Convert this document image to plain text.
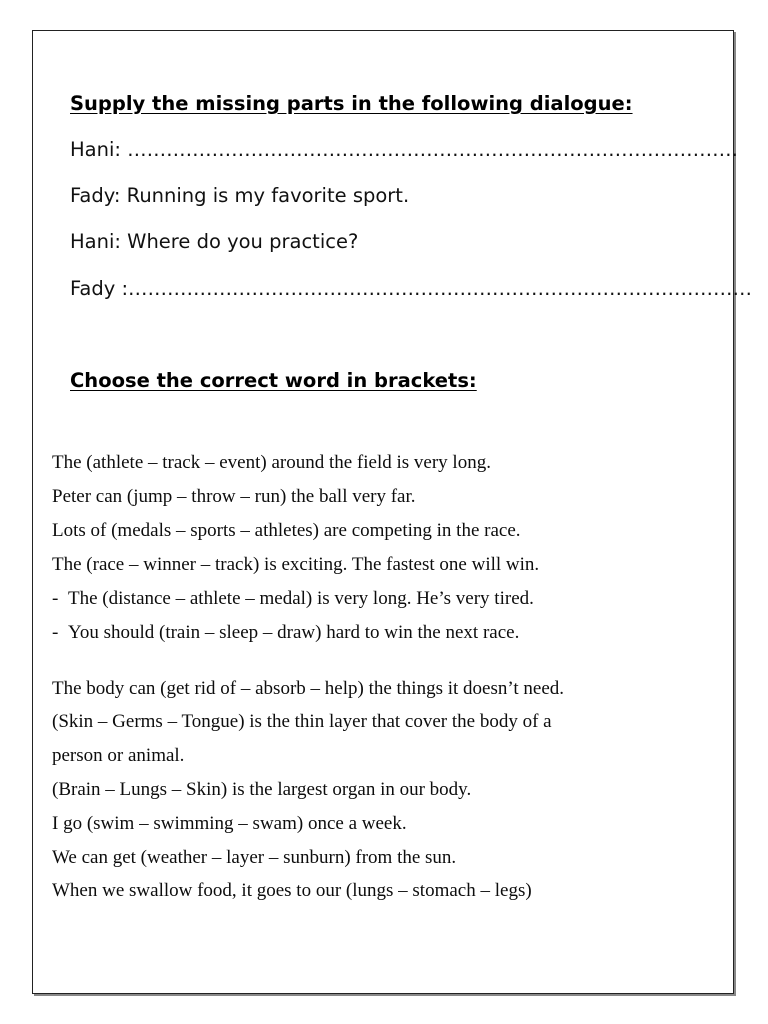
Supply the missing parts in the following dialogue:
Hani: ………………………………………………………………………………….
Fady: Running is my favorite sport.
Hani: Where do you practice?
Fady :……………………………………………………………………………………
Choose the correct word in brackets:
The (athlete – track – event) around the field is very long.
Peter can (jump – throw – run) the ball very far.
Lots of (medals – sports – athletes) are competing in the race.
The (race – winner – track) is exciting. The fastest one will win.
- The (distance – athlete – medal) is very long. He’s very tired.
- You should (train – sleep – draw) hard to win the next race.
The body can (get rid of – absorb – help) the things it doesn’t need.
(Skin – Germs – Tongue) is the thin layer that cover the body of a
person or animal.
(Brain – Lungs – Skin) is the largest organ in our body.
I go (swim – swimming – swam) once a week.
We can get (weather – layer – sunburn) from the sun.
When we swallow food, it goes to our (lungs – stomach – legs)
